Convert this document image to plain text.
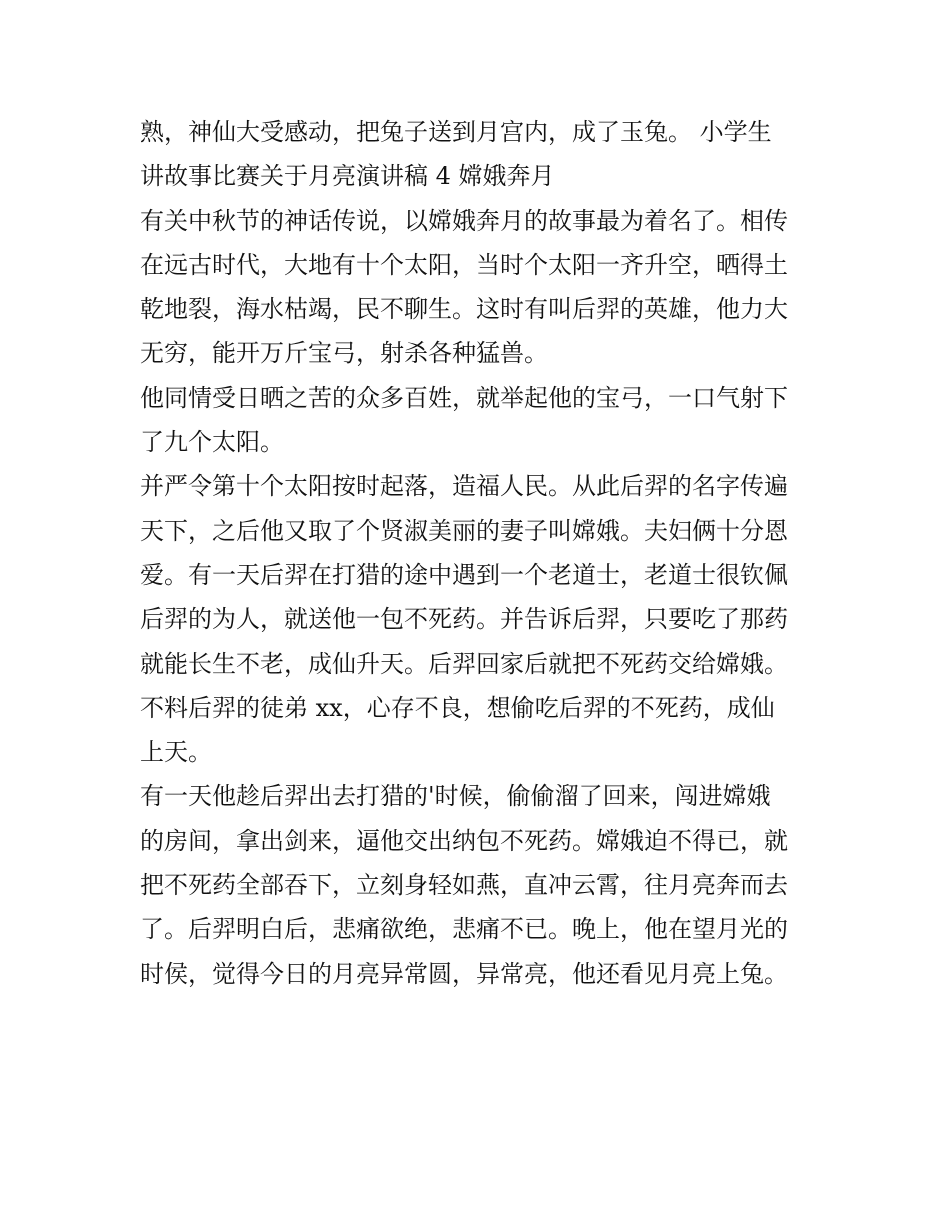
熟，神仙大受感动，把兔子送到月宫内，成了玉兔。 小学生

讲故事比赛关于月亮演讲稿 4 嫦娥奔月

有关中秋节的神话传说，以嫦娥奔月的故事最为着名了。相传

在远古时代，大地有十个太阳，当时个太阳一齐升空，晒得土

乾地裂，海水枯竭，民不聊生。这时有叫后羿的英雄，他力大

无穷，能开万斤宝弓，射杀各种猛兽。

他同情受日晒之苦的众多百姓，就举起他的宝弓，一口气射下

了九个太阳。

并严令第十个太阳按时起落，造福人民。从此后羿的名字传遍

天下，之后他又取了个贤淑美丽的妻子叫嫦娥。夫妇俩十分恩

爱。有一天后羿在打猎的途中遇到一个老道士，老道士很钦佩

后羿的为人，就送他一包不死药。并告诉后羿，只要吃了那药

就能长生不老，成仙升天。后羿回家后就把不死药交给嫦娥。

不料后羿的徒弟 xx，心存不良，想偷吃后羿的不死药，成仙

上天。

有一天他趁后羿出去打猎的'时候，偷偷溜了回来，闯进嫦娥

的房间，拿出剑来，逼他交出纳包不死药。嫦娥迫不得已，就

把不死药全部吞下，立刻身轻如燕，直冲云霄，往月亮奔而去

了。后羿明白后，悲痛欲绝，悲痛不已。晚上，他在望月光的

时侯，觉得今日的月亮异常圆，异常亮，他还看见月亮上兔。
